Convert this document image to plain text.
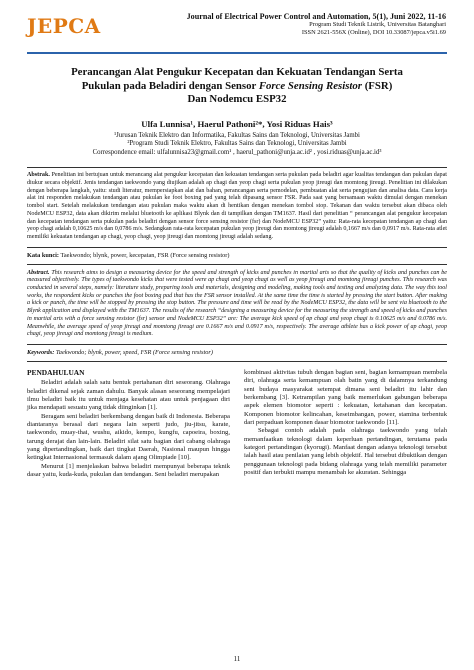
JEPCA	Journal of Electrical Power Control and Automation, 5(1), Juni 2022, 11-16
Program Studi Teknik Listrik, Universitas Batanghari
ISSN 2621-556X (Online), DOI 10.33087/jepca.v5i1.69
Perancangan Alat Pengukur Kecepatan dan Kekuatan Tendangan Serta
Pukulan pada Beladiri dengan Sensor Force Sensing Resistor (FSR)
Dan Nodemcu ESP32
Ulfa Lunnisa¹, Haerul Pathoni²*, Yosi Riduas Hais³
¹Jurusan Teknik Elektro dan Informatika, Fakultas Sains dan Teknologi, Universitas Jambi
²Program Studi Teknik Elektro, Fakultas Sains dan Teknologi, Universitas Jambi
Correspondence email: ulfalunnisa23@gmail.com¹ , haerul_pathoni@unja.ac.id² , yosi.riduas@unja.ac.id³
Abstrak. Penelitian ini bertujuan untuk merancang alat pengukur kecepatan dan kekuatan tendangan serta pukulan pada beladiri agar kualitas tendangan dan pukulan dapat diukur secara objektif. Jenis tendangan taekwondo yang diujikan adalah ap chagi dan yeop chagi serta pukulan yeop jireugi dan momtong jireugi. Penelitian ini dilakukan dengan beberapa langkah, yaitu: studi literatur, mempersiapkan alat dan bahan, perancangan serta pemodelan, pembuatan alat serta pengujian dan analisa data. Cara kerja alat ini responden melakukan tendangan atau pukulan ke foot boxing pad yang telah dipasang sensor FSR. Pada saat yang bersamaan waktu dimulai dengan menekan tombol start. Setelah melakukan tendangan atau pukulan maka waktu akan di hentikan dengan menekan tombol stop. Tekanan dan waktu tersebut akan dibaca oleh NodeMCU ESP32, data akan dikirim melalui bluetooth ke aplikasi Blynk dan di tampilkan dengan TM1637. Hasil dari penelitian “ perancangan alat pengukur kecepatan dan kecepatan tendangan serta pukulan pada beladiri dengan sensor force sensing resistor (fsr) dan NodeMCU ESP32” yaitu: Rata-rata kecepatan tendangan ap chagi dan yeop chagi adalah 0,10625 m/s dan 0,0786 m/s. Sedangkan rata-rata kecepatan pukulan yeop jireugi dan momtong jireugi adalah 0,1667 m/s dan 0,0917 m/s. Rata-rata atlet memiliki kekuatan tendangan ap chagi, yeop chagi, yeop jireugi dan momtong jireugi adalah sedang.
Kata kunci: Taekwondo; blynk, power, kecepatan, FSR (Force sensing resistor)
Abstract. This research aims to design a measuring device for the speed and strength of kicks and punches in martial arts so that the quality of kicks and punches can be measured objectively. The types of taekwondo kicks that were tested were ap chagi and yeop chagi as well as yeop jireugi and momtong jireugi punches. This research was conducted in several steps, namely: literature study, preparing tools and materials, designing and modeling, making tools and testing and analyzing data. The way this tool works, the respondent kicks or punches the foot boxing pad that has the FSR sensor installed. At the same time the time is started by pressing the start button. After making a kick or punch, the time will be stopped by pressing the stop button. The pressure and time will be read by the NodeMCU ESP32, the data will be sent via bluetooth to the Blynk application and displayed with the TM1637. The results of the research “designing a measuring device for the measuring the strength and speed of kicks and punches in martial arts with a force sensing resistor (fsr) sensor and NodeMCU ESP32” are: The average kick speed of ap chagi and yeop chagi is 0.10625 m/s and 0.0786 m/s. Meanwhile, the average speed of yeop jireugi and momtong jireugi are 0.1667 m/s and 0.0917 m/s, respectively. The average athlete has a kick power of ap chagi, yeop chagi, yeop jireugi and momtong jireugi is medium.
Keywords: Taekwondo; blynk, power, speed, FSR (Force sensing resistor)
PENDAHULUAN

Beladiri adalah salah satu bentuk pertahanan diri seseorang. Olahraga beladiri dikenal sejak zaman dahulu. Banyak alasan seseorang mempelajari ilmu beladiri baik itu untuk menjaga kesehatan atau untuk penjagaan diri jika mendapati sesuatu yang tidak diinginkan [1].

Beragam seni beladiri berkembang dengan baik di Indonesia. Beberapa diantaranya berasal dari negara lain seperti judo, jiu-jitsu, karate, taekwondo, muay-thai, wushu, aikido, kempo, kungfu, capoeira, boxing, tarung derajat dan lain-lain. Beladiri silat satu bagian dari cabang olahraga yang dipertandingkan, baik dari tingkat Daerah, Nasional maupun hingga ketingkat Internasional termasuk dalam ajang Olimpiade [10].

Menurut [1] menjelaskan bahwa beladiri mempunyai beberapa teknik dasar yaitu, kuda-kuda, pukulan dan tendangan. Seni beladiri merupakan

kombinasi aktivitas tubuh dengan bagian seni, bagian kemampuan membela diri, olahraga serta kemampuan olah batin yang di dalamnya terkandung seni budaya masyarakat setempat dimana seni beladiri itu lahir dan berkembang [3]. Ketrampilan yang baik memerlukan gabungan beberapa aspek elemen biomotor seperti : kekuatan, ketahanan dan kecepatan. Komponen biomotor kelincahan, keseimbangan, power, stamina terbentuk dari perpaduan komponen dasar biomotor taekwondo [11].

Sebagai contoh adalah pada olahraga taekwondo yang telah memanfaatkan teknologi dalam keperluan pertandingan, terutama pada kategori pertandingan (kyorugi). Manfaat dengan adanya teknologi tersebut ialah hasil atau penilaian yang lebih objektif. Hal tersebut dibuktikan dengan penggunaan teknologi pada bidang olahraga yang telah memiliki parameter positif dan terbukti mampu menambah ke akuratan. Sehingga

11
